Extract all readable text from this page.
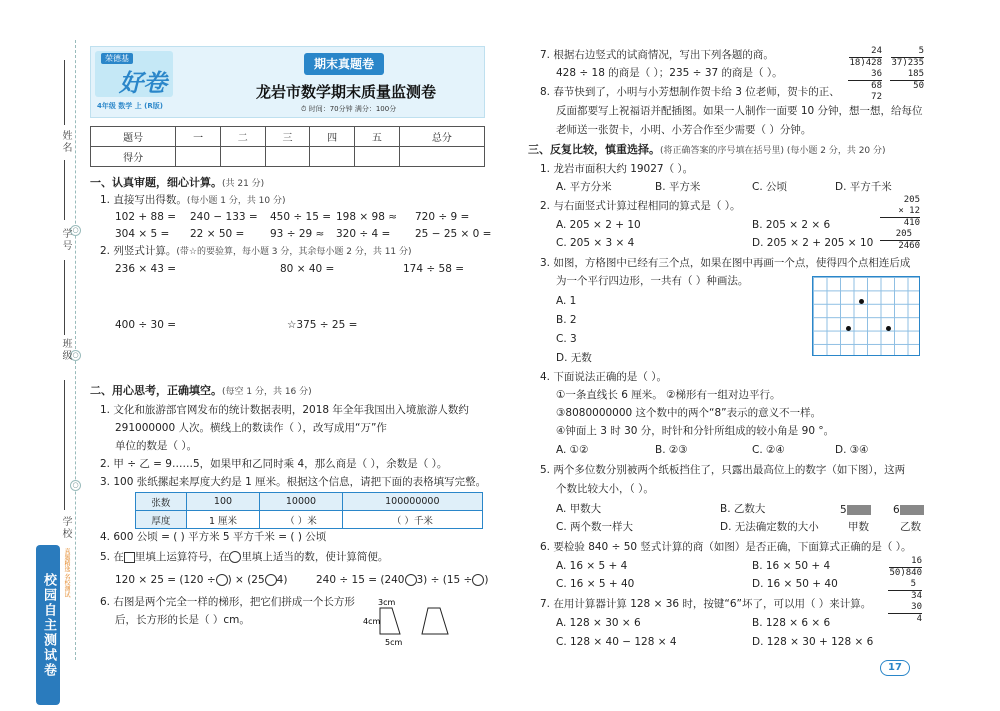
○
○
○
姓名
学号
班级
学校
校园自主测试卷	真题精选 名校测试
荣德基
好卷
4年级 数学 上 (R版)
期末真题卷
龙岩市数学期末质量监测卷
⏱ 时间：70分钟 满分：100分
题号	一	二	三	四	五	总分
得分						
一、认真审题，细心计算。(共 21 分)
1. 直接写出得数。(每小题 1 分，共 10 分)
102 + 88 = 240 − 133 = 450 ÷ 15 = 198 × 98 ≈ 720 ÷ 9 =
304 × 5 = 22 × 50 = 93 ÷ 29 ≈ 320 ÷ 4 = 25 − 25 × 0 =
2. 列竖式计算。(带☆的要验算，每小题 3 分，其余每小题 2 分，共 11 分)
236 × 43 =	80 × 40 =	174 ÷ 58 =
400 ÷ 30 =	☆375 ÷ 25 =
二、用心思考，正确填空。(每空 1 分，共 16 分)
1. 文化和旅游部官网发布的统计数据表明，2018 年全年我国出入境旅游人数约
291000000 人次。横线上的数读作（ ），改写成用“万”作
单位的数是（ ）。
2. 甲 ÷ 乙 = 9……5，如果甲和乙同时乘 4，那么商是（ ），余数是（ ）。
3. 100 张纸摞起来厚度大约是 1 厘米。根据这个信息，请把下面的表格填写完整。
张数	100	10000	100000000
厚度	1 厘米	（ ）米	（ ）千米
4. 600 公顷 = ( ) 平方米 5 平方千米 = ( ) 公顷
5. 在 里填上运算符号，在 里填上适当的数，使计算简便。
120 × 25 = (120 ÷ ) × (25 4)	240 ÷ 15 = (240 3) ÷ (15 ÷ )
6. 右图是两个完全一样的梯形，把它们拼成一个长方形
后，长方形的长是（ ）cm。
3cm
4cm
5cm
7. 根据右边竖式的试商情况，写出下列各题的商。
428 ÷ 18 的商是（ ）；235 ÷ 37 的商是（ ）。
24
18)428
36
68
72
5
37)235
185
50
8. 春节快到了，小明与小芳想制作贺卡给 3 位老师，贺卡的正、
反面都要写上祝福语并配插图。如果一人制作一面要 10 分钟，想一想，给每位
老师送一张贺卡，小明、小芳合作至少需要（ ）分钟。
三、反复比较，慎重选择。(将正确答案的序号填在括号里) (每小题 2 分，共 20 分)
1. 龙岩市面积大约 19027（ ）。
A. 平方分米	B. 平方米	C. 公顷	D. 平方千米
2. 与右面竖式计算过程相同的算式是（ ）。
A. 205 × 2 + 10	B. 205 × 2 × 6
C. 205 × 3 × 4	D. 205 × 2 + 205 × 10
205
× 12
410
205
2460
3. 如图，方格图中已经有三个点，如果在图中再画一个点，使得四个点相连后成
为一个平行四边形，一共有（ ）种画法。
A. 1
B. 2
C. 3
D. 无数
4. 下面说法正确的是（ ）。
①一条直线长 6 厘米。 ②梯形有一组对边平行。
③8080000000 这个数中的两个“8”表示的意义不一样。
④钟面上 3 时 30 分，时针和分针所组成的较小角是 90 °。
A. ①②	B. ②③	C. ②④	D. ③④
5. 两个多位数分别被两个纸板挡住了，只露出最高位上的数字（如下图），这两
个数比较大小，（ ）。
A. 甲数大	B. 乙数大
C. 两个数一样大	D. 无法确定数的大小
5	6
甲数	乙数
6. 要检验 840 ÷ 50 竖式计算的商（如图）是否正确，下面算式正确的是（ ）。
A. 16 × 5 + 4	B. 16 × 50 + 4
C. 16 × 5 + 40	D. 16 × 50 + 40
16
50)840
5
34
30
4
7. 在用计算器计算 128 × 36 时，按键“6”坏了，可以用（ ）来计算。
A. 128 × 30 × 6	B. 128 × 6 × 6
C. 128 × 40 − 128 × 4	D. 128 × 30 + 128 × 6
17
